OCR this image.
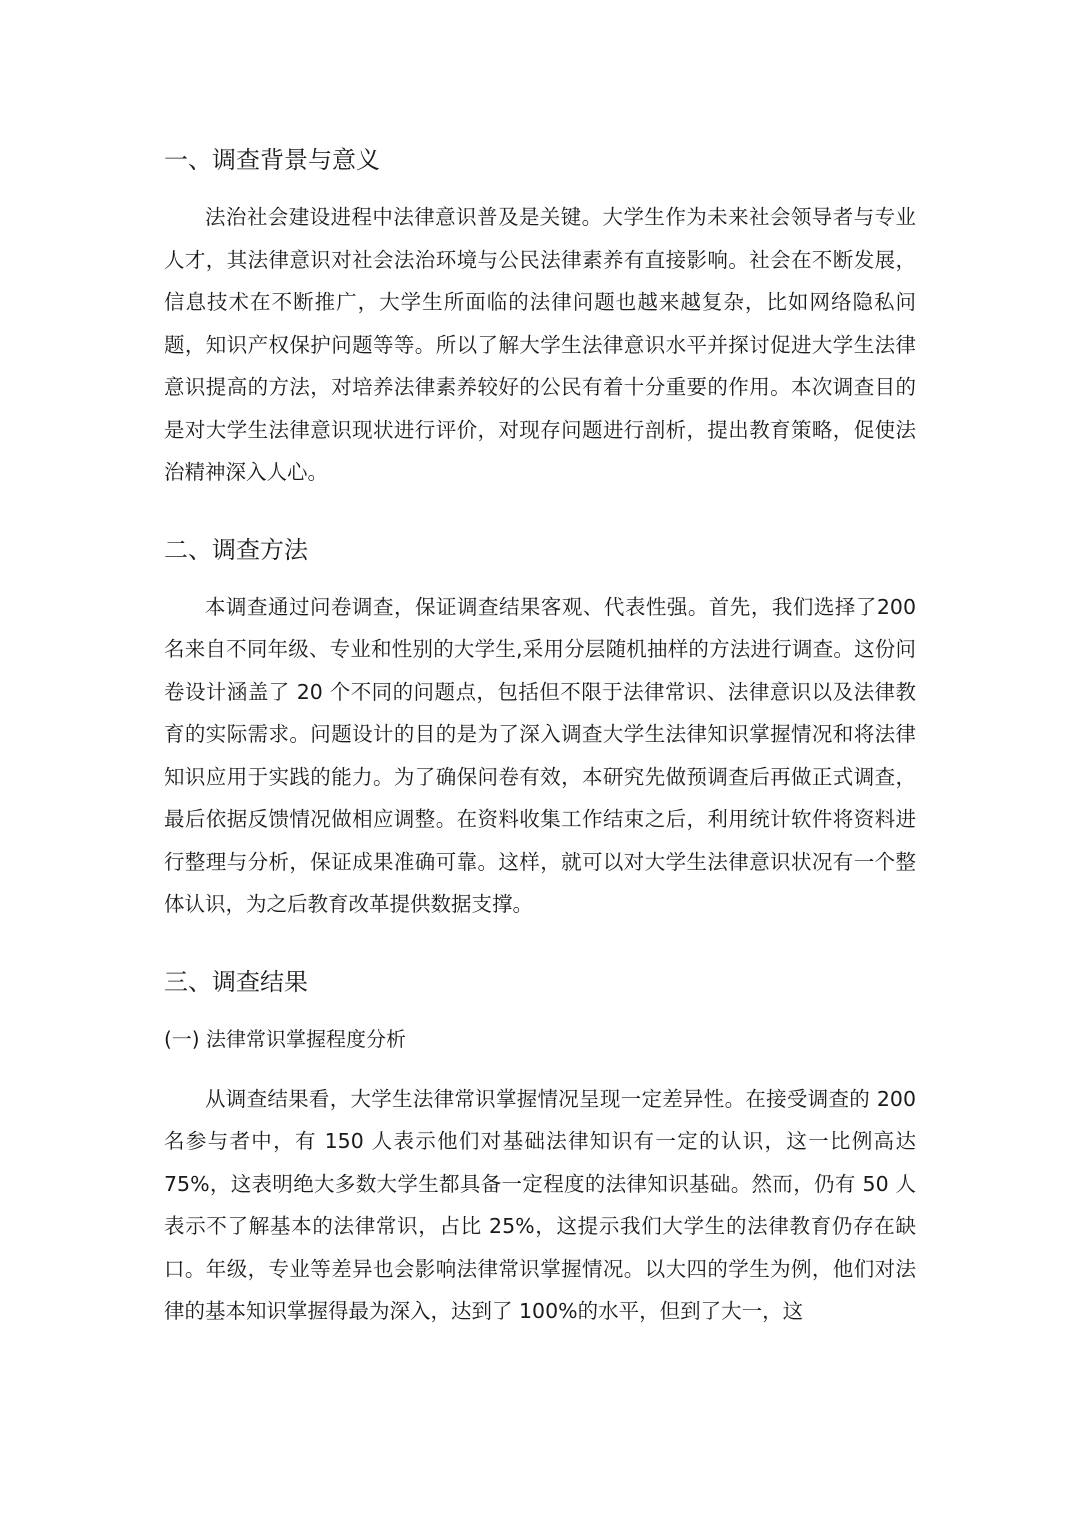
一、调查背景与意义

法治社会建设进程中法律意识普及是关键。大学生作为未来社会领导者与专业人才，其法律意识对社会法治环境与公民法律素养有直接影响。社会在不断发展，信息技术在不断推广，大学生所面临的法律问题也越来越复杂，比如网络隐私问题，知识产权保护问题等等。所以了解大学生法律意识水平并探讨促进大学生法律意识提高的方法，对培养法律素养较好的公民有着十分重要的作用。本次调查目的是对大学生法律意识现状进行评价，对现存问题进行剖析，提出教育策略，促使法治精神深入人心。

二、调查方法

本调查通过问卷调查，保证调查结果客观、代表性强。首先，我们选择了200 名来自不同年级、专业和性别的大学生,采用分层随机抽样的方法进行调查。这份问卷设计涵盖了 20 个不同的问题点，包括但不限于法律常识、法律意识以及法律教育的实际需求。问题设计的目的是为了深入调查大学生法律知识掌握情况和将法律知识应用于实践的能力。为了确保问卷有效，本研究先做预调查后再做正式调查，最后依据反馈情况做相应调整。在资料收集工作结束之后，利用统计软件将资料进行整理与分析，保证成果准确可靠。这样，就可以对大学生法律意识状况有一个整体认识，为之后教育改革提供数据支撑。

三、调查结果
(一) 法律常识掌握程度分析

从调查结果看，大学生法律常识掌握情况呈现一定差异性。在接受调查的 200 名参与者中，有 150 人表示他们对基础法律知识有一定的认识，这一比例高达 75%，这表明绝大多数大学生都具备一定程度的法律知识基础。然而，仍有 50 人表示不了解基本的法律常识，占比 25%，这提示我们大学生的法律教育仍存在缺口。年级，专业等差异也会影响法律常识掌握情况。以大四的学生为例，他们对法律的基本知识掌握得最为深入，达到了 100%的水平，但到了大一，这
